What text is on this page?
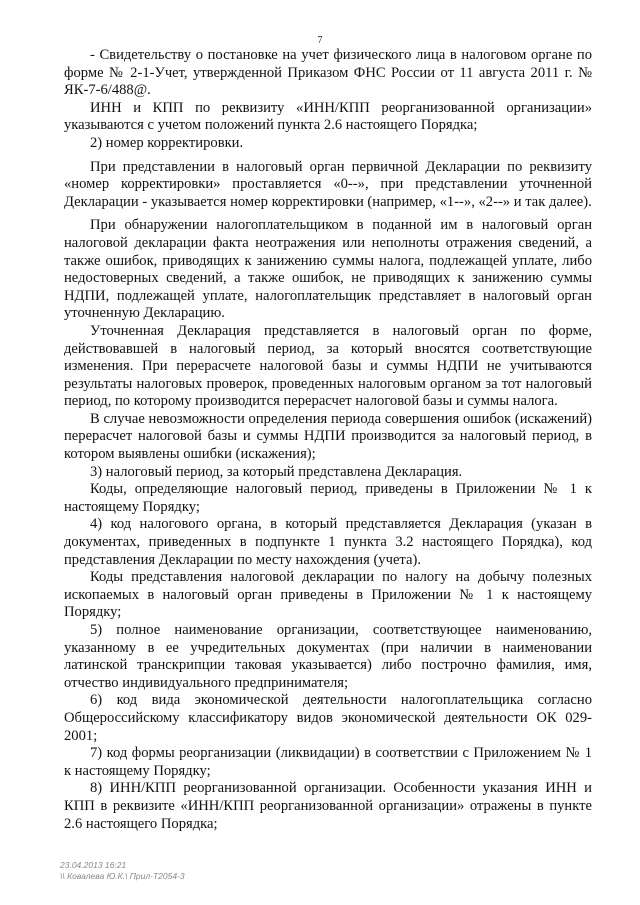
7

- Свидетельству о постановке на учет физического лица в налоговом органе по форме № 2-1-Учет, утвержденной Приказом ФНС России от 11 августа 2011 г. № ЯК-7-6/488@.

ИНН и КПП по реквизиту «ИНН/КПП реорганизованной организации» указываются с учетом положений пункта 2.6 настоящего Порядка;

2) номер корректировки.

При представлении в налоговый орган первичной Декларации по реквизиту «номер корректировки» проставляется «0--», при представлении уточненной Декларации - указывается номер корректировки (например, «1--», «2--» и так далее).

При обнаружении налогоплательщиком в поданной им в налоговый орган налоговой декларации факта неотражения или неполноты отражения сведений, а также ошибок, приводящих к занижению суммы налога, подлежащей уплате, либо недостоверных сведений, а также ошибок, не приводящих к занижению суммы НДПИ, подлежащей уплате, налогоплательщик представляет в налоговый орган уточненную Декларацию.

Уточненная Декларация представляется в налоговый орган по форме, действовавшей в налоговый период, за который вносятся соответствующие изменения. При перерасчете налоговой базы и суммы НДПИ не учитываются результаты налоговых проверок, проведенных налоговым органом за тот налоговый период, по которому производится перерасчет налоговой базы и суммы налога.

В случае невозможности определения периода совершения ошибок (искажений) перерасчет налоговой базы и суммы НДПИ производится за налоговый период, в котором выявлены ошибки (искажения);

3) налоговый период, за который представлена Декларация.

Коды, определяющие налоговый период, приведены в Приложении № 1 к настоящему Порядку;

4) код налогового органа, в который представляется Декларация (указан в документах, приведенных в подпункте 1 пункта 3.2 настоящего Порядка), код представления Декларации по месту нахождения (учета).

Коды представления налоговой декларации по налогу на добычу полезных ископаемых в налоговый орган приведены в Приложении № 1 к настоящему Порядку;

5) полное наименование организации, соответствующее наименованию, указанному в ее учредительных документах (при наличии в наименовании латинской транскрипции таковая указывается) либо построчно фамилия, имя, отчество индивидуального предпринимателя;

6) код вида экономической деятельности налогоплательщика согласно Общероссийскому классификатору видов экономической деятельности ОК 029-2001;

7) код формы реорганизации (ликвидации) в соответствии с Приложением № 1 к настоящему Порядку;

8) ИНН/КПП реорганизованной организации. Особенности указания ИНН и КПП в реквизите «ИНН/КПП реорганизованной организации» отражены в пункте 2.6 настоящего Порядка;

23.04.2013 16:21
\\ Ковалева Ю.К.\ Прил-Т2054-3
